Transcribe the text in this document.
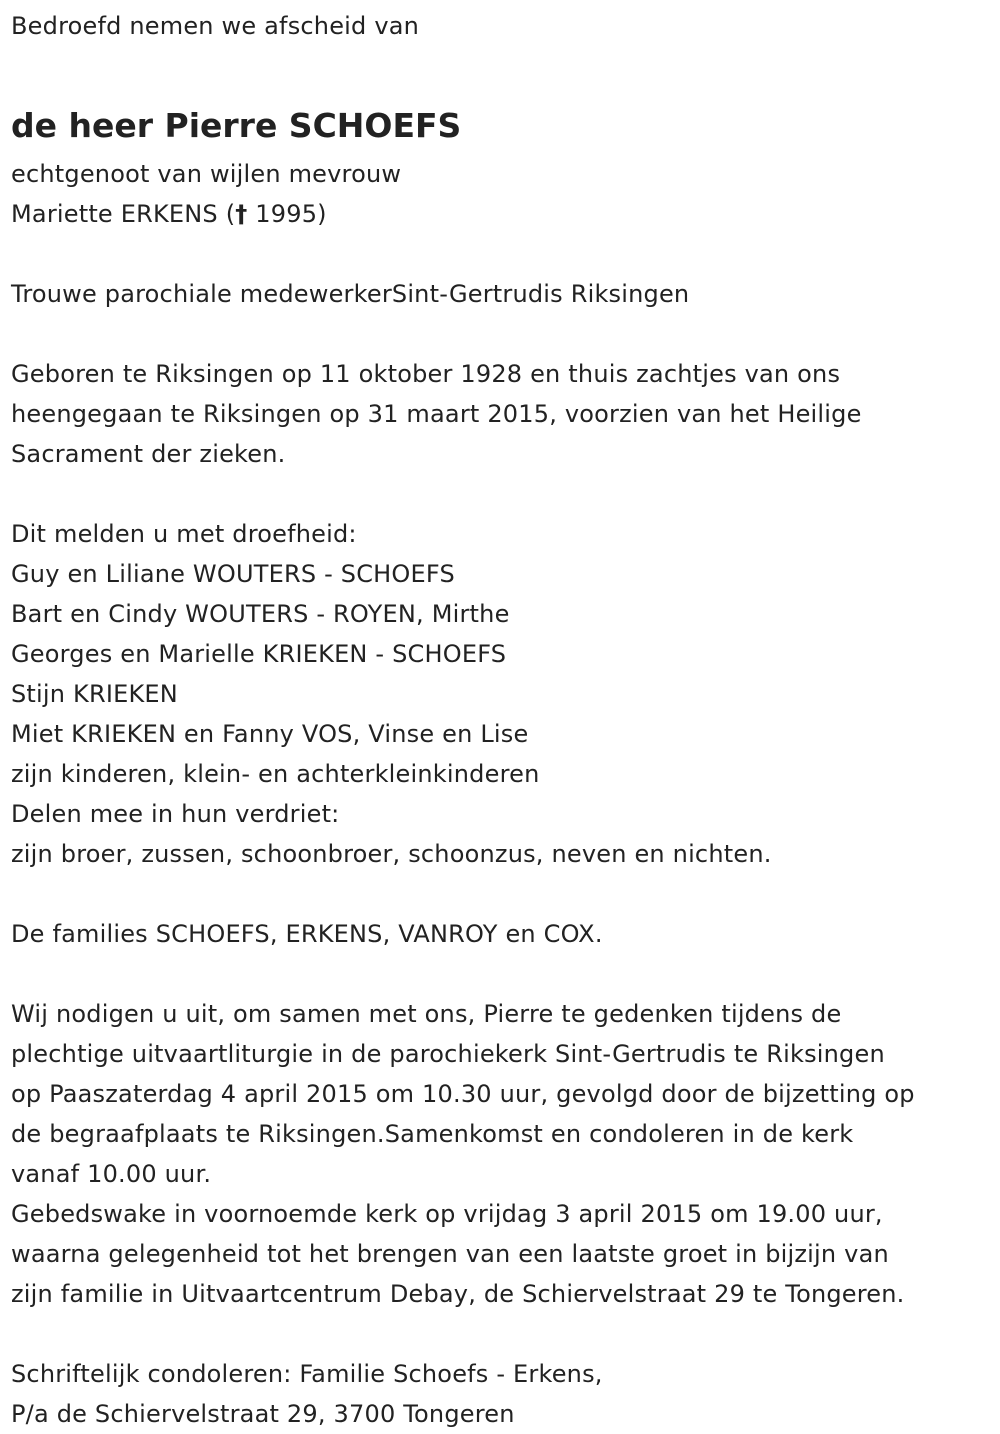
Bedroefd nemen we afscheid van
de heer Pierre SCHOEFS
echtgenoot van wijlen mevrouw
Mariette ERKENS († 1995)
Trouwe parochiale medewerkerSint-Gertrudis Riksingen
Geboren te Riksingen op 11 oktober 1928 en thuis zachtjes van ons
heengegaan te Riksingen op 31 maart 2015, voorzien van het Heilige
Sacrament der zieken.
Dit melden u met droefheid:
Guy en Liliane WOUTERS - SCHOEFS
Bart en Cindy WOUTERS - ROYEN, Mirthe
Georges en Marielle KRIEKEN - SCHOEFS
Stijn KRIEKEN
Miet KRIEKEN en Fanny VOS, Vinse en Lise
zijn kinderen, klein- en achterkleinkinderen
Delen mee in hun verdriet:
zijn broer, zussen, schoonbroer, schoonzus, neven en nichten.
De families SCHOEFS, ERKENS, VANROY en COX.
Wij nodigen u uit, om samen met ons, Pierre te gedenken tijdens de
plechtige uitvaartliturgie in de parochiekerk Sint-Gertrudis te Riksingen
op Paaszaterdag 4 april 2015 om 10.30 uur, gevolgd door de bijzetting op
de begraafplaats te Riksingen.Samenkomst en condoleren in de kerk
vanaf 10.00 uur.
Gebedswake in voornoemde kerk op vrijdag 3 april 2015 om 19.00 uur,
waarna gelegenheid tot het brengen van een laatste groet in bijzijn van
zijn familie in Uitvaartcentrum Debay, de Schiervelstraat 29 te Tongeren.
Schriftelijk condoleren: Familie Schoefs - Erkens,
P/a de Schiervelstraat 29, 3700 Tongeren
